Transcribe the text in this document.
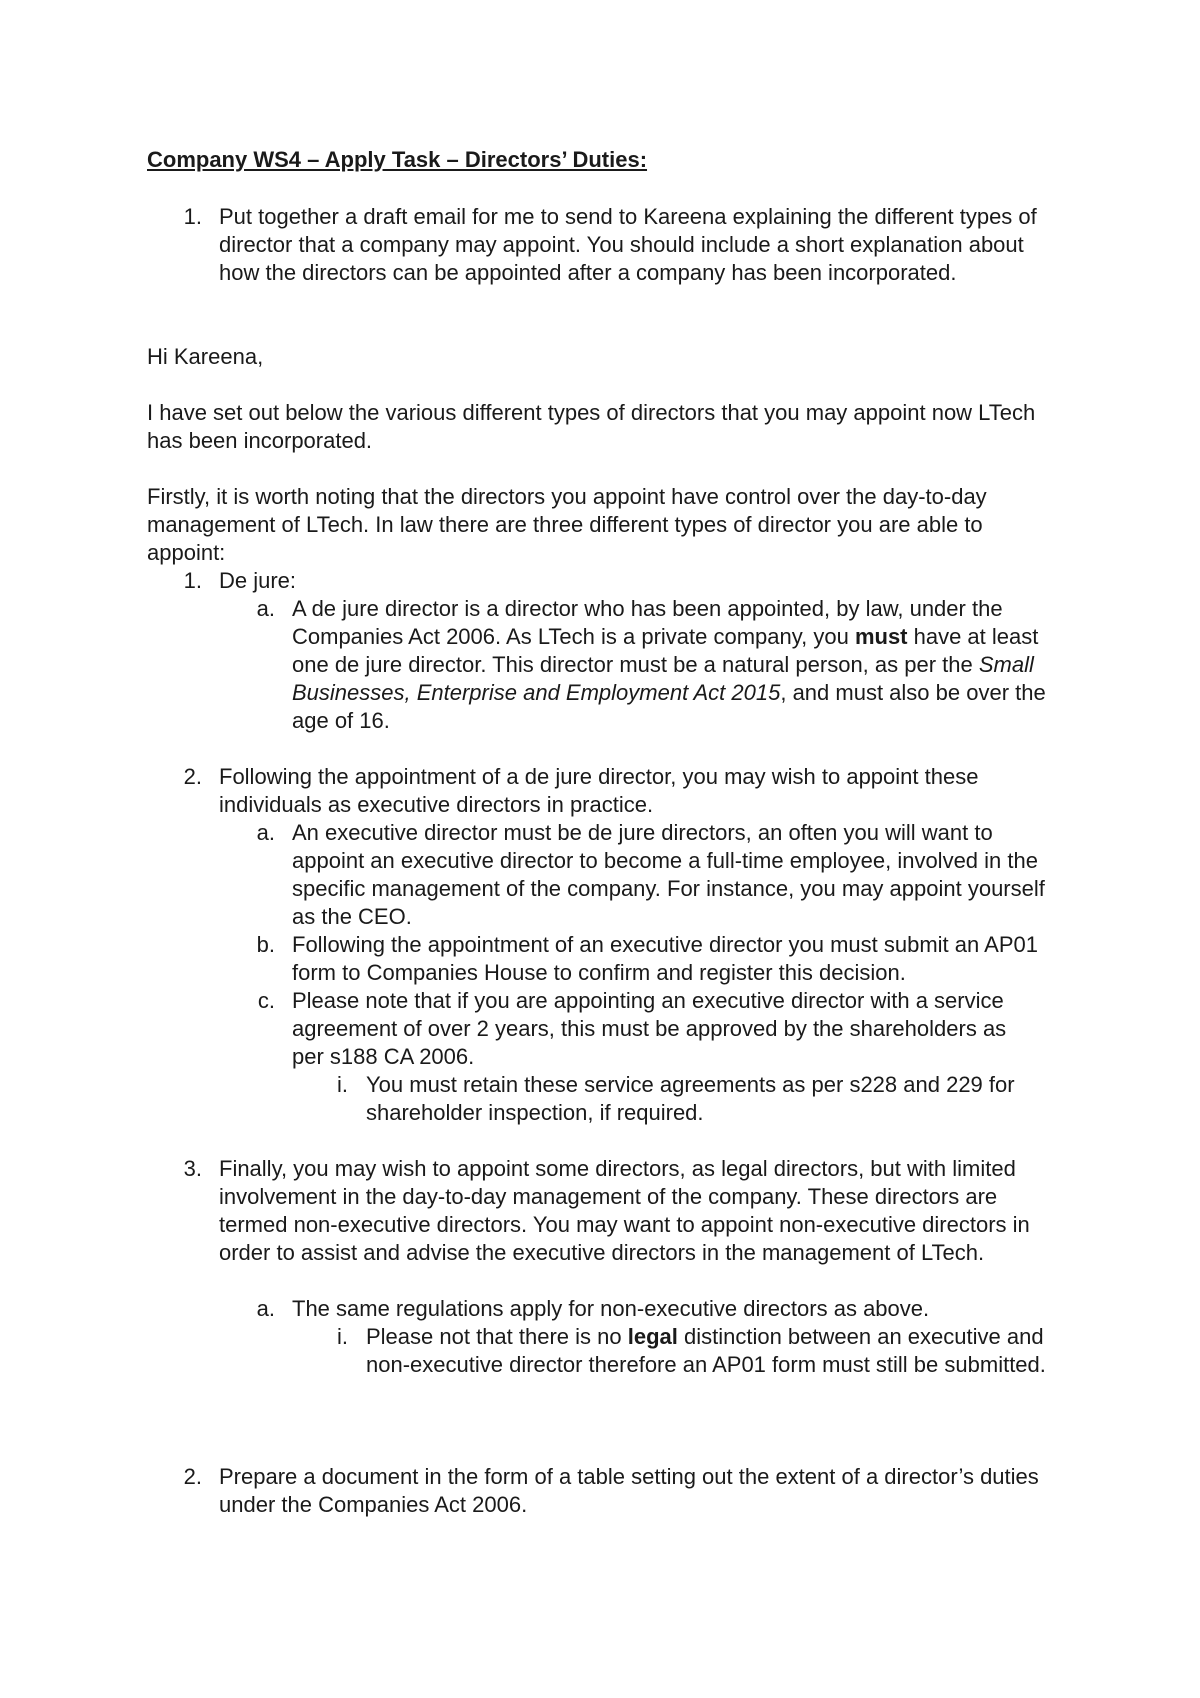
Company WS4 – Apply Task – Directors’ Duties:
1. Put together a draft email for me to send to Kareena explaining the different types of director that a company may appoint. You should include a short explanation about how the directors can be appointed after a company has been incorporated.
Hi Kareena,
I have set out below the various different types of directors that you may appoint now LTech has been incorporated.
Firstly, it is worth noting that the directors you appoint have control over the day-to-day management of LTech. In law there are three different types of director you are able to appoint:
1. De jure:
a. A de jure director is a director who has been appointed, by law, under the Companies Act 2006. As LTech is a private company, you must have at least one de jure director. This director must be a natural person, as per the Small Businesses, Enterprise and Employment Act 2015, and must also be over the age of 16.
2. Following the appointment of a de jure director, you may wish to appoint these individuals as executive directors in practice.
a. An executive director must be de jure directors, an often you will want to appoint an executive director to become a full-time employee, involved in the specific management of the company. For instance, you may appoint yourself as the CEO.
b. Following the appointment of an executive director you must submit an AP01 form to Companies House to confirm and register this decision.
c. Please note that if you are appointing an executive director with a service agreement of over 2 years, this must be approved by the shareholders as per s188 CA 2006.
i. You must retain these service agreements as per s228 and 229 for shareholder inspection, if required.
3. Finally, you may wish to appoint some directors, as legal directors, but with limited involvement in the day-to-day management of the company. These directors are termed non-executive directors. You may want to appoint non-executive directors in order to assist and advise the executive directors in the management of LTech.
a. The same regulations apply for non-executive directors as above.
i. Please not that there is no legal distinction between an executive and non-executive director therefore an AP01 form must still be submitted.
2. Prepare a document in the form of a table setting out the extent of a director’s duties under the Companies Act 2006.
